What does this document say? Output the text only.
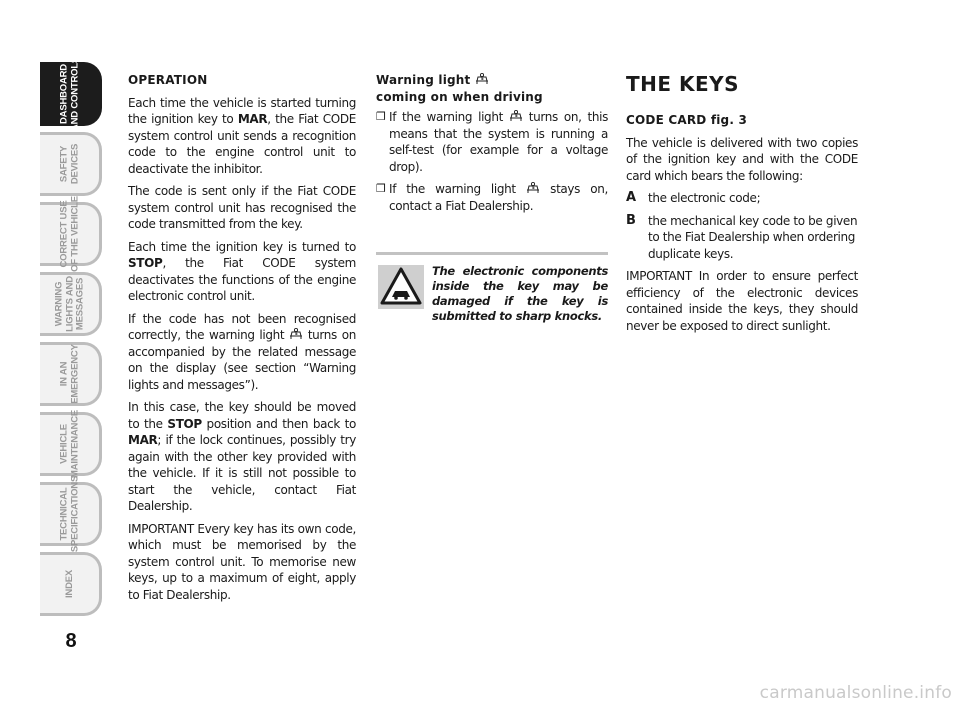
DASHBOARD
AND CONTROLS
SAFETY
DEVICES
CORRECT USE
OF THE VEHICLE
WARNING
LIGHTS AND
MESSAGES
IN AN
EMERGENCY
VEHICLE
MAINTENANCE
TECHNICAL
SPECIFICATIONS
INDEX
8
OPERATION

Each time the vehicle is started turning the ignition key to MAR, the Fiat CODE system control unit sends a recognition code to the engine control unit to deactivate the inhibitor.

The code is sent only if the Fiat CODE system control unit has recognised the code transmitted from the key.

Each time the ignition key is turned to STOP, the Fiat CODE system deactivates the functions of the engine electronic control unit.

If the code has not been recognised correctly, the warning light  turns on accompanied by the related message on the display (see section “Warning lights and messages”).

In this case, the key should be moved to the STOP position and then back to MAR; if the lock continues, possibly try again with the other key provided with the vehicle. If it is still not possible to start the vehicle, contact Fiat Dealership.

IMPORTANT Every key has its own code, which must be memorised by the system control unit. To memorise new keys, up to a maximum of eight, apply to Fiat Dealership.

Warning light
coming on when driving
❒ If the warning light  turns on, this means that the system is running a self-test (for example for a voltage drop).
❒ If the warning light  stays on, contact a Fiat Dealership.
The electronic components inside the key may be damaged if the key is submitted to sharp knocks.
THE KEYS
CODE CARD fig. 3

The vehicle is delivered with two copies of the ignition key and with the CODE card which bears the following:

A	the electronic code;
B	the mechanical key code to be given to the Fiat Dealership when ordering duplicate keys.

IMPORTANT In order to ensure perfect efficiency of the electronic devices contained inside the keys, they should never be exposed to direct sunlight.

carmanualsonline.info
